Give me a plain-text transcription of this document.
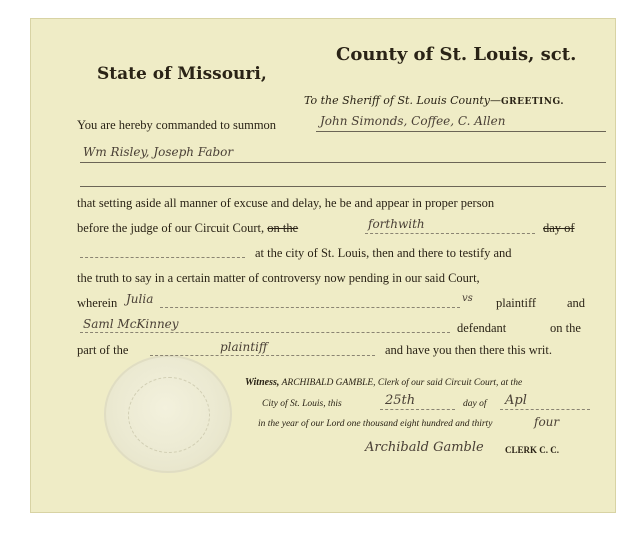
County of St. Louis, sct.
State of Missouri,
To the Sheriff of St. Louis County—GREETING.
You are hereby commanded to summon	John Simonds, Coffee, C. Allen
Wm Risley, Joseph Fabor
that setting aside all manner of excuse and delay, he be and appear in proper person
before the judge of our Circuit Court, on the	forthwith	day of
at the city of St. Louis, then and there to testify and
the truth to say in a certain matter of controversy now pending in our said Court,
wherein Julia	vs plaintiff and
Saml McKinney	defendant	on the
part of the	plaintiff	and have you then there this writ.
Witness, ARCHIBALD GAMBLE, Clerk of our said Circuit Court, at the
City of St. Louis, this	25th	day of Apl
in the year of our Lord one thousand eight hundred and thirty	four
Archibald Gamble CLERK C. C.
